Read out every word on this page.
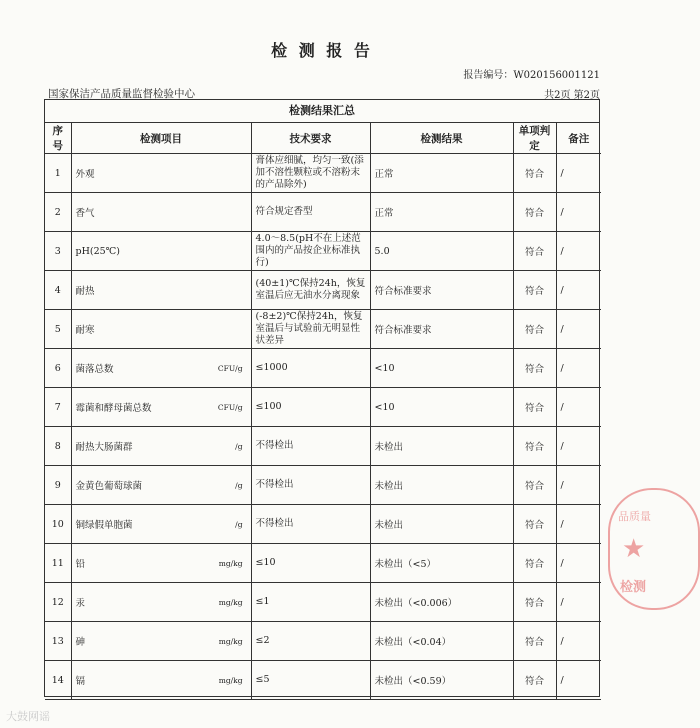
检 测 报 告
报告编号：W020156001121
国家保洁产品质量监督检验中心	共2页 第2页
检测结果汇总
序号	检测项目	技术要求	检测结果	单项判定	备注
1	外观	膏体应细腻，均匀一致(添加不溶性颗粒或不溶粉末的产品除外)	正常	符合	/
2	香气	符合规定香型	正常	符合	/
3	pH(25℃)	4.0～8.5(pH不在上述范围内的产品按企业标准执行)	5.0	符合	/
4	耐热	(40±1)℃保持24h，恢复室温后应无油水分离现象	符合标准要求	符合	/
5	耐寒	(-8±2)℃保持24h，恢复室温后与试验前无明显性状差异	符合标准要求	符合	/
6	菌落总数 CFU/g	≤1000	<10	符合	/
7	霉菌和酵母菌总数 CFU/g	≤100	<10	符合	/
8	耐热大肠菌群 /g	不得检出	未检出	符合	/
9	金黄色葡萄球菌 /g	不得检出	未检出	符合	/
10	铜绿假单胞菌 /g	不得检出	未检出	符合	/
11	铅 mg/kg	≤10	未检出（<5）	符合	/
12	汞 mg/kg	≤1	未检出（<0.006）	符合	/
13	砷 mg/kg	≤2	未检出（<0.04）	符合	/
14	镉 mg/kg	≤5	未检出（<0.59）	符合	/
品质量
★
检测
大鼓网谣
